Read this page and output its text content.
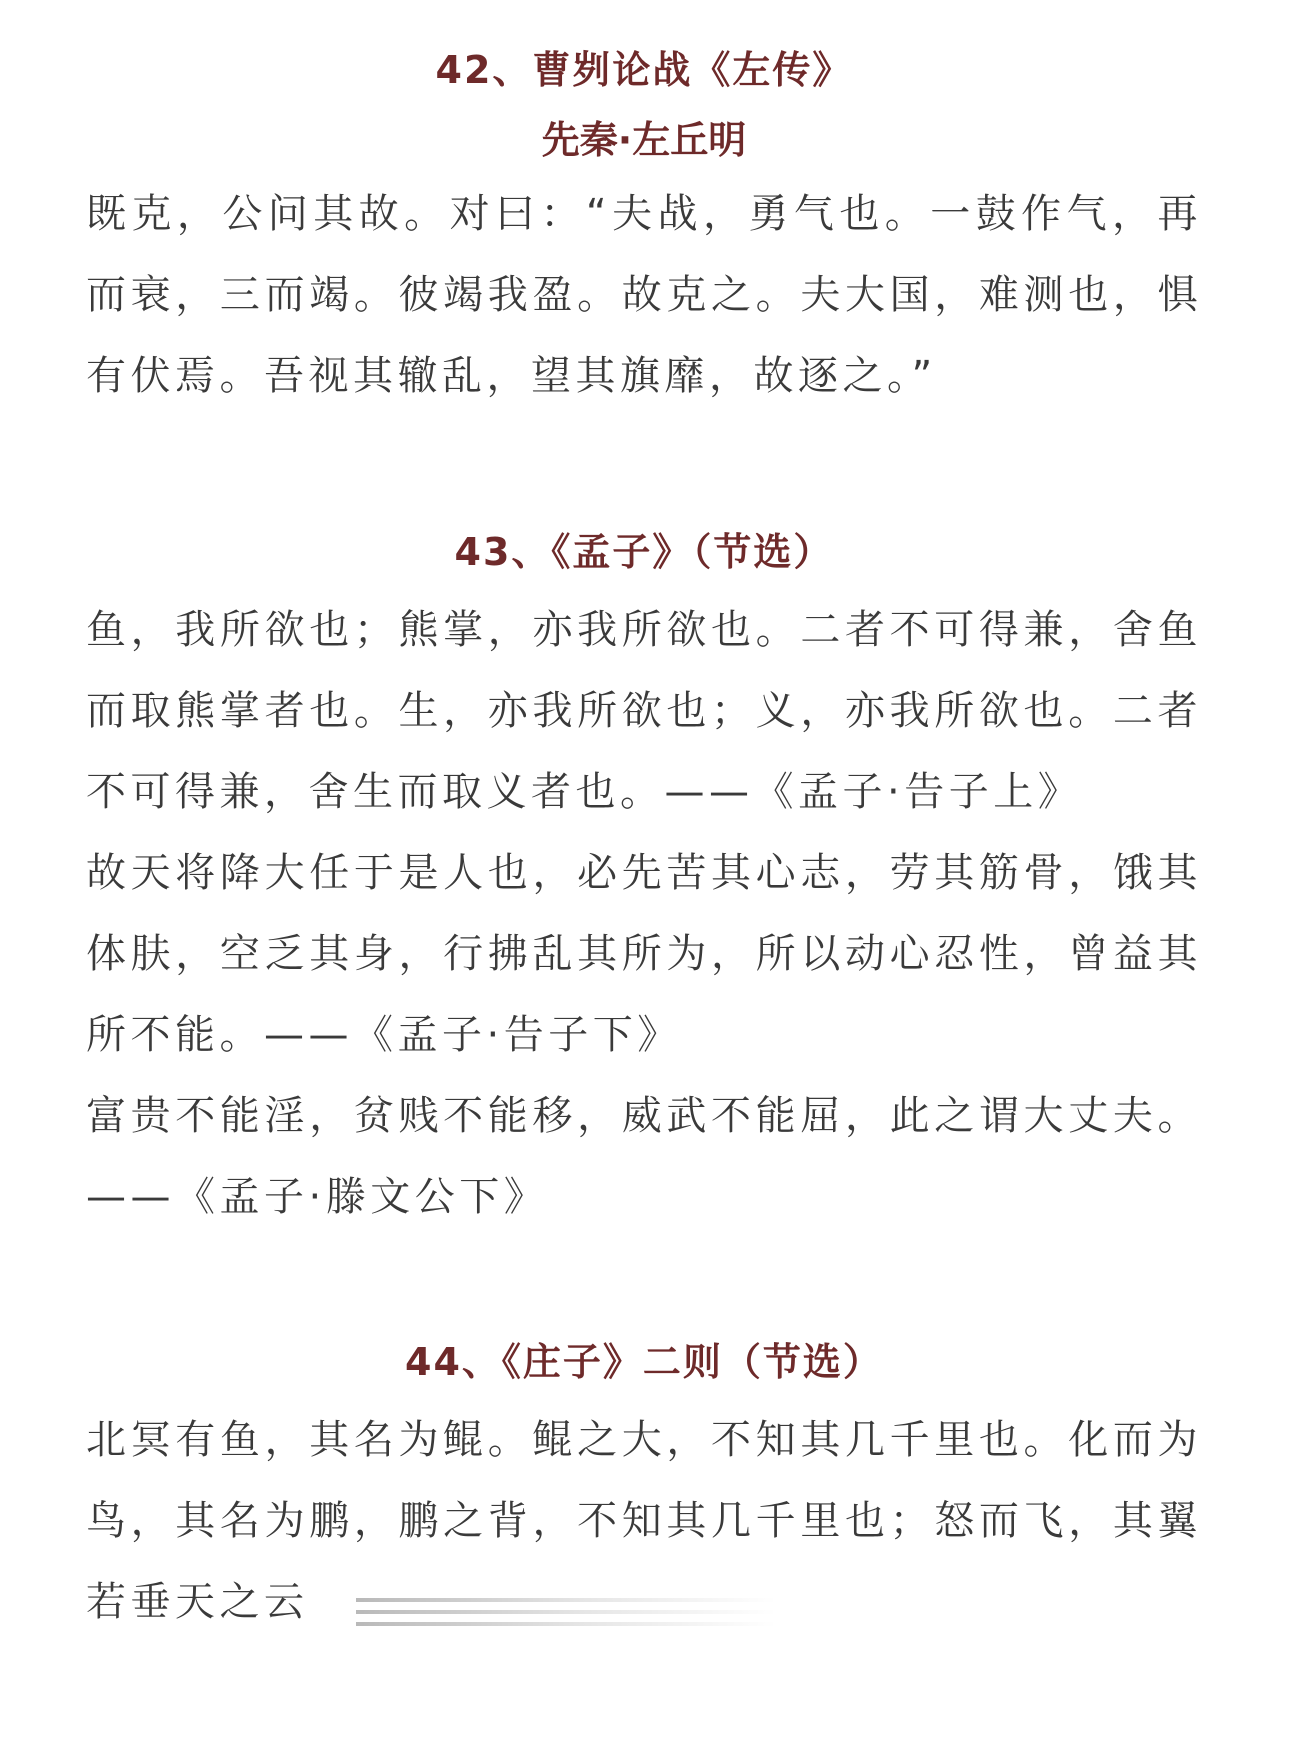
42、曹刿论战《左传》
先秦·左丘明

既克，公问其故。对曰：“夫战，勇气也。一鼓作气，再而衰，三而竭。彼竭我盈。故克之。夫大国，难测也，惧有伏焉。吾视其辙乱，望其旗靡，故逐之。”

43、《孟子》（节选）

鱼，我所欲也；熊掌，亦我所欲也。二者不可得兼，舍鱼而取熊掌者也。生，亦我所欲也；义，亦我所欲也。二者不可得兼，舍生而取义者也。——《孟子·告子上》

故天将降大任于是人也，必先苦其心志，劳其筋骨，饿其体肤，空乏其身，行拂乱其所为，所以动心忍性，曾益其所不能。——《孟子·告子下》

富贵不能淫，贫贱不能移，威武不能屈，此之谓大丈夫。——《孟子·滕文公下》

44、《庄子》二则（节选）

北冥有鱼，其名为鲲。鲲之大，不知其几千里也。化而为鸟，其名为鹏，鹏之背，不知其几千里也；怒而飞，其翼若垂天之云
